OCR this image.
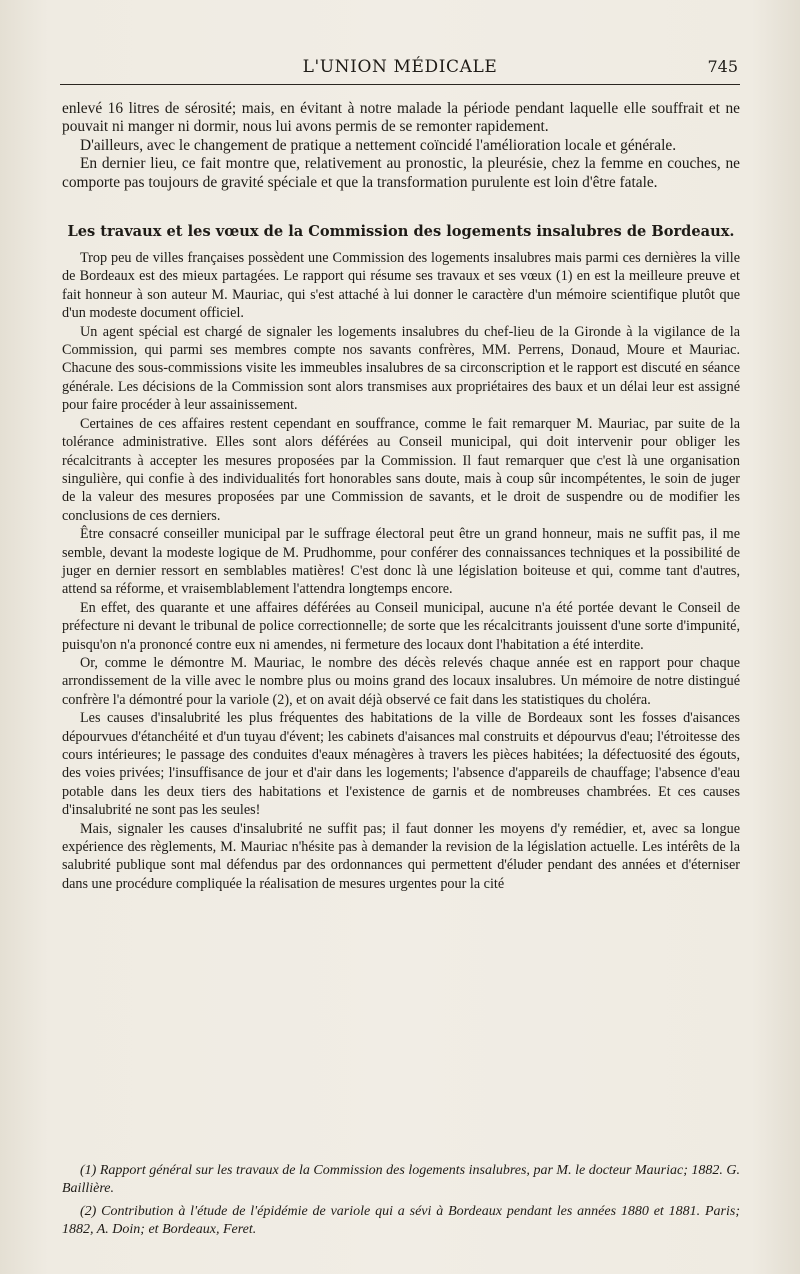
L'UNION MÉDICALE	745

enlevé 16 litres de sérosité; mais, en évitant à notre malade la période pendant laquelle elle souffrait et ne pouvait ni manger ni dormir, nous lui avons permis de se remonter rapidement.

D'ailleurs, avec le changement de pratique a nettement coïncidé l'amélioration locale et générale.

En dernier lieu, ce fait montre que, relativement au pronostic, la pleurésie, chez la femme en couches, ne comporte pas toujours de gravité spéciale et que la transformation purulente est loin d'être fatale.

Les travaux et les vœux de la Commission des logements insalubres de Bordeaux.

Trop peu de villes françaises possèdent une Commission des logements insalubres mais parmi ces dernières la ville de Bordeaux est des mieux partagées. Le rapport qui résume ses travaux et ses vœux (1) en est la meilleure preuve et fait honneur à son auteur M. Mauriac, qui s'est attaché à lui donner le caractère d'un mémoire scientifique plutôt que d'un modeste document officiel.

Un agent spécial est chargé de signaler les logements insalubres du chef-lieu de la Gironde à la vigilance de la Commission, qui parmi ses membres compte nos savants confrères, MM. Perrens, Donaud, Moure et Mauriac. Chacune des sous-commissions visite les immeubles insalubres de sa circonscription et le rapport est discuté en séance générale. Les décisions de la Commission sont alors transmises aux propriétaires des baux et un délai leur est assigné pour faire procéder à leur assainissement.

Certaines de ces affaires restent cependant en souffrance, comme le fait remarquer M. Mauriac, par suite de la tolérance administrative. Elles sont alors déférées au Conseil municipal, qui doit intervenir pour obliger les récalcitrants à accepter les mesures proposées par la Commission. Il faut remarquer que c'est là une organisation singulière, qui confie à des individualités fort honorables sans doute, mais à coup sûr incompétentes, le soin de juger de la valeur des mesures proposées par une Commission de savants, et le droit de suspendre ou de modifier les conclusions de ces derniers.

Être consacré conseiller municipal par le suffrage électoral peut être un grand honneur, mais ne suffit pas, il me semble, devant la modeste logique de M. Prudhomme, pour conférer des connaissances techniques et la possibilité de juger en dernier ressort en semblables matières! C'est donc là une législation boiteuse et qui, comme tant d'autres, attend sa réforme, et vraisemblablement l'attendra longtemps encore.

En effet, des quarante et une affaires déférées au Conseil municipal, aucune n'a été portée devant le Conseil de préfecture ni devant le tribunal de police correctionnelle; de sorte que les récalcitrants jouissent d'une sorte d'impunité, puisqu'on n'a prononcé contre eux ni amendes, ni fermeture des locaux dont l'habitation a été interdite.

Or, comme le démontre M. Mauriac, le nombre des décès relevés chaque année est en rapport pour chaque arrondissement de la ville avec le nombre plus ou moins grand des locaux insalubres. Un mémoire de notre distingué confrère l'a démontré pour la variole (2), et on avait déjà observé ce fait dans les statistiques du choléra.

Les causes d'insalubrité les plus fréquentes des habitations de la ville de Bordeaux sont les fosses d'aisances dépourvues d'étanchéité et d'un tuyau d'évent; les cabinets d'aisances mal construits et dépourvus d'eau; l'étroitesse des cours intérieures; le passage des conduites d'eaux ménagères à travers les pièces habitées; la défectuosité des égouts, des voies privées; l'insuffisance de jour et d'air dans les logements; l'absence d'appareils de chauffage; l'absence d'eau potable dans les deux tiers des habitations et l'existence de garnis et de nombreuses chambrées. Et ces causes d'insalubrité ne sont pas les seules!

Mais, signaler les causes d'insalubrité ne suffit pas; il faut donner les moyens d'y remédier, et, avec sa longue expérience des règlements, M. Mauriac n'hésite pas à demander la revision de la législation actuelle. Les intérêts de la salubrité publique sont mal défendus par des ordonnances qui permettent d'éluder pendant des années et d'éterniser dans une procédure compliquée la réalisation de mesures urgentes pour la cité

(1) Rapport général sur les travaux de la Commission des logements insalubres, par M. le docteur Mauriac; 1882. G. Baillière.

(2) Contribution à l'étude de l'épidémie de variole qui a sévi à Bordeaux pendant les années 1880 et 1881. Paris; 1882, A. Doin; et Bordeaux, Feret.
